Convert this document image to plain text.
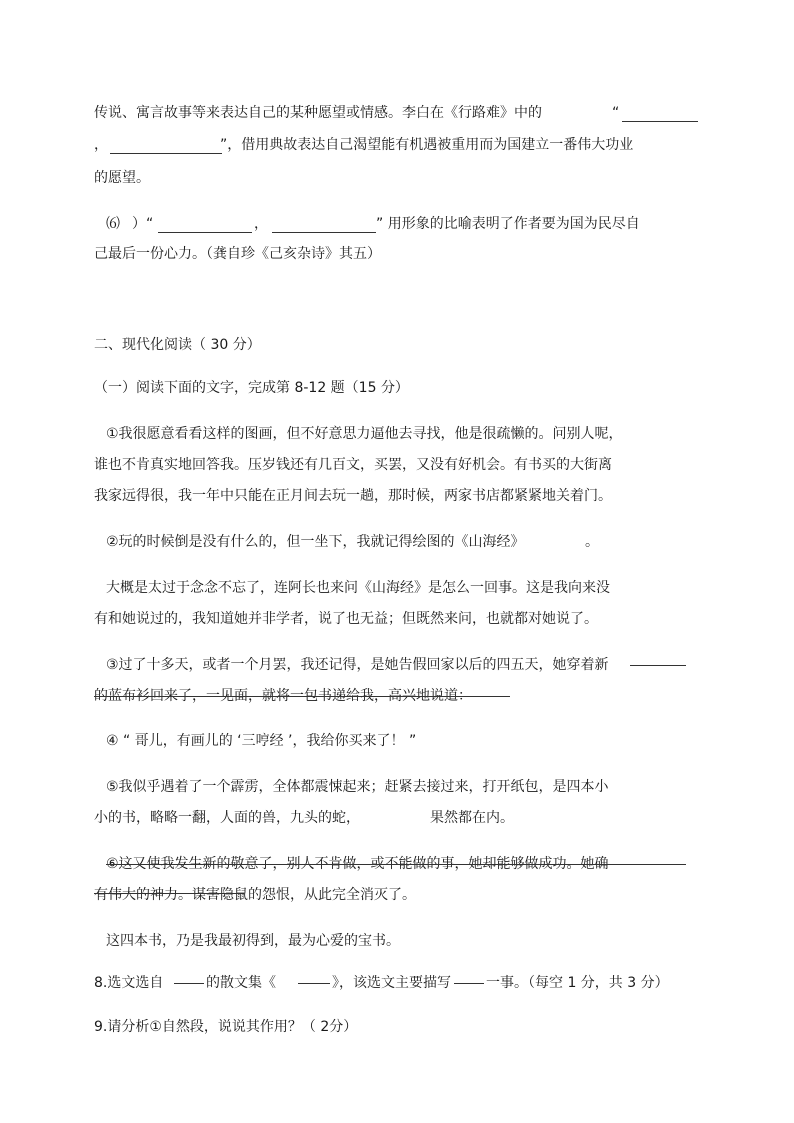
传说、寓言故事等来表达自己的某种愿望或情感。李白在《行路难》中的	“
，	”，借用典故表达自己渴望能有机遇被重用而为国建立一番伟大功业
的愿望。
⑹ ）“	，	” 用形象的比喻表明了作者要为国为民尽自
己最后一份心力。（龚自珍《己亥杂诗》其五）
二、现代化阅读（ 30 分）
（一）阅读下面的文字，完成第 8-12 题（15 分）
①我很愿意看看这样的图画，但不好意思力逼他去寻找，他是很疏懒的。问别人呢，
谁也不肯真实地回答我。压岁钱还有几百文，买罢，又没有好机会。有书买的大街离
我家远得很，我一年中只能在正月间去玩一趟，那时候，两家书店都紧紧地关着门。
②玩的时候倒是没有什么的，但一坐下，我就记得绘图的《山海经》	。
大概是太过于念念不忘了，连阿长也来问《山海经》是怎么一回事。这是我向来没
有和她说过的，我知道她并非学者，说了也无益；但既然来问，也就都对她说了。
③过了十多天，或者一个月罢，我还记得，是她告假回家以后的四五天，她穿着新
的蓝布衫回来了，一见面，就将一包书递给我，高兴地说道：
④ “ 哥儿，有画儿的 ‘三哼经 ’，我给你买来了！ ”
⑤我似乎遇着了一个霹雳，全体都震悚起来；赶紧去接过来，打开纸包，是四本小
小的书，略略一翻，人面的兽，九头的蛇，	果然都在内。
⑥这又使我发生新的敬意了，别人不肯做，或不能做的事，她却能够做成功。她确
有伟大的神力。谋害隐鼠的怨恨，从此完全消灭了。
这四本书，乃是我最初得到，最为心爱的宝书。
8.选文选自	的散文集《	》，该选文主要描写	一事。（每空 1 分，共 3 分）
9.请分析①自然段，说说其作用？（ 2分）
